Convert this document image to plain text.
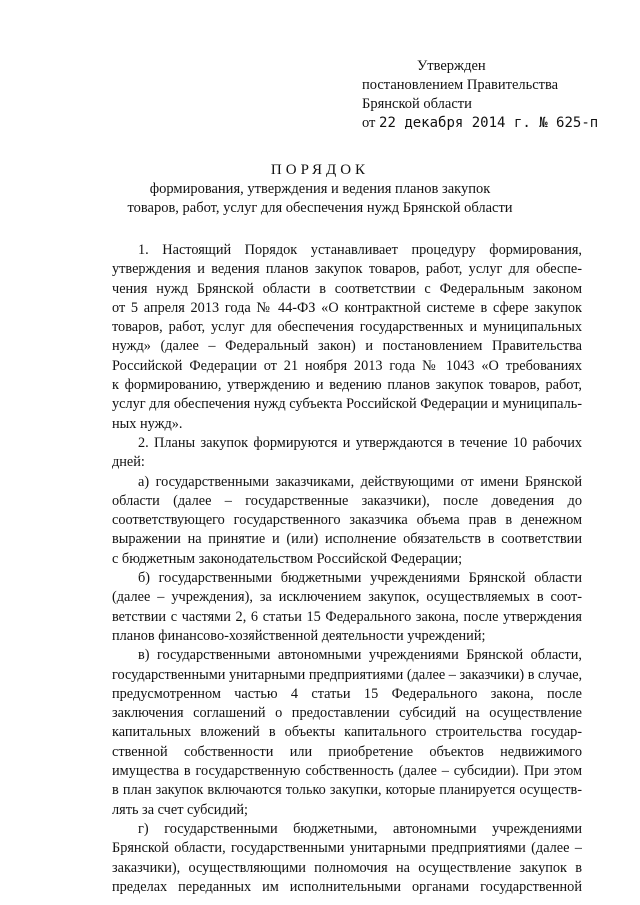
Утвержден
постановлением Правительства
Брянской области
от 22 декабря 2014 г. № 625-п
ПОРЯДОК
формирования, утверждения и ведения планов закупок
товаров, работ, услуг для обеспечения нужд Брянской области
1. Настоящий Порядок устанавливает процедуру формирования,
утверждения и ведения планов закупок товаров, работ, услуг для обеспе-
чения нужд Брянской области в соответствии с Федеральным законом
от 5 апреля 2013 года № 44-ФЗ «О контрактной системе в сфере закупок
товаров, работ, услуг для обеспечения государственных и муниципальных
нужд» (далее – Федеральный закон) и постановлением Правительства
Российской Федерации от 21 ноября 2013 года № 1043 «О требованиях
к формированию, утверждению и ведению планов закупок товаров, работ,
услуг для обеспечения нужд субъекта Российской Федерации и муниципаль-
ных нужд».
2. Планы закупок формируются и утверждаются в течение 10 рабочих
дней:
а) государственными заказчиками, действующими от имени Брянской
области (далее – государственные заказчики), после доведения до
соответствующего государственного заказчика объема прав в денежном
выражении на принятие и (или) исполнение обязательств в соответствии
с бюджетным законодательством Российской Федерации;
б) государственными бюджетными учреждениями Брянской области
(далее – учреждения), за исключением закупок, осуществляемых в соот-
ветствии с частями 2, 6 статьи 15 Федерального закона, после утверждения
планов финансово-хозяйственной деятельности учреждений;
в) государственными автономными учреждениями Брянской области,
государственными унитарными предприятиями (далее – заказчики) в случае,
предусмотренном частью 4 статьи 15 Федерального закона, после
заключения соглашений о предоставлении субсидий на осуществление
капитальных вложений в объекты капитального строительства государ-
ственной собственности или приобретение объектов недвижимого
имущества в государственную собственность (далее – субсидии). При этом
в план закупок включаются только закупки, которые планируется осуществ-
лять за счет субсидий;
г) государственными бюджетными, автономными учреждениями
Брянской области, государственными унитарными предприятиями (далее –
заказчики), осуществляющими полномочия на осуществление закупок в
пределах переданных им исполнительными органами государственной
